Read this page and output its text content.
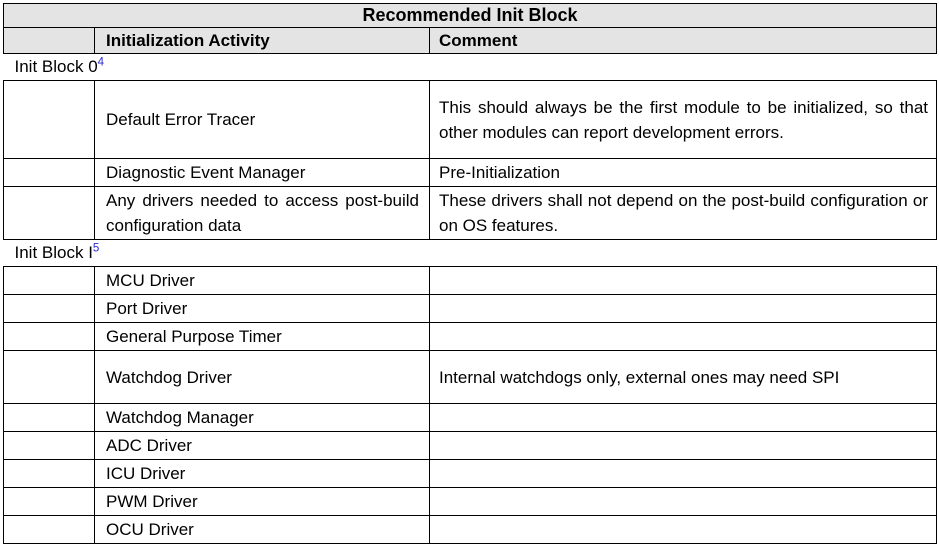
Recommended Init Block		
	Initialization Activity	Comment
Init Block 0$^4$
	Default Error Tracer	This should always be the first module to be initialized, so that other modules can report development errors.
	Diagnostic Event Manager	Pre-Initialization
	Any drivers needed to access post-build configuration data	These drivers shall not depend on the post-build configuration or on OS features.
Init Block I$^5$
	MCU Driver	
	Port Driver	
	General Purpose Timer	
	Watchdog Driver	Internal watchdogs only, external ones may need SPI
	Watchdog Manager	
	ADC Driver	
	ICU Driver	
	PWM Driver	
	OCU Driver	
